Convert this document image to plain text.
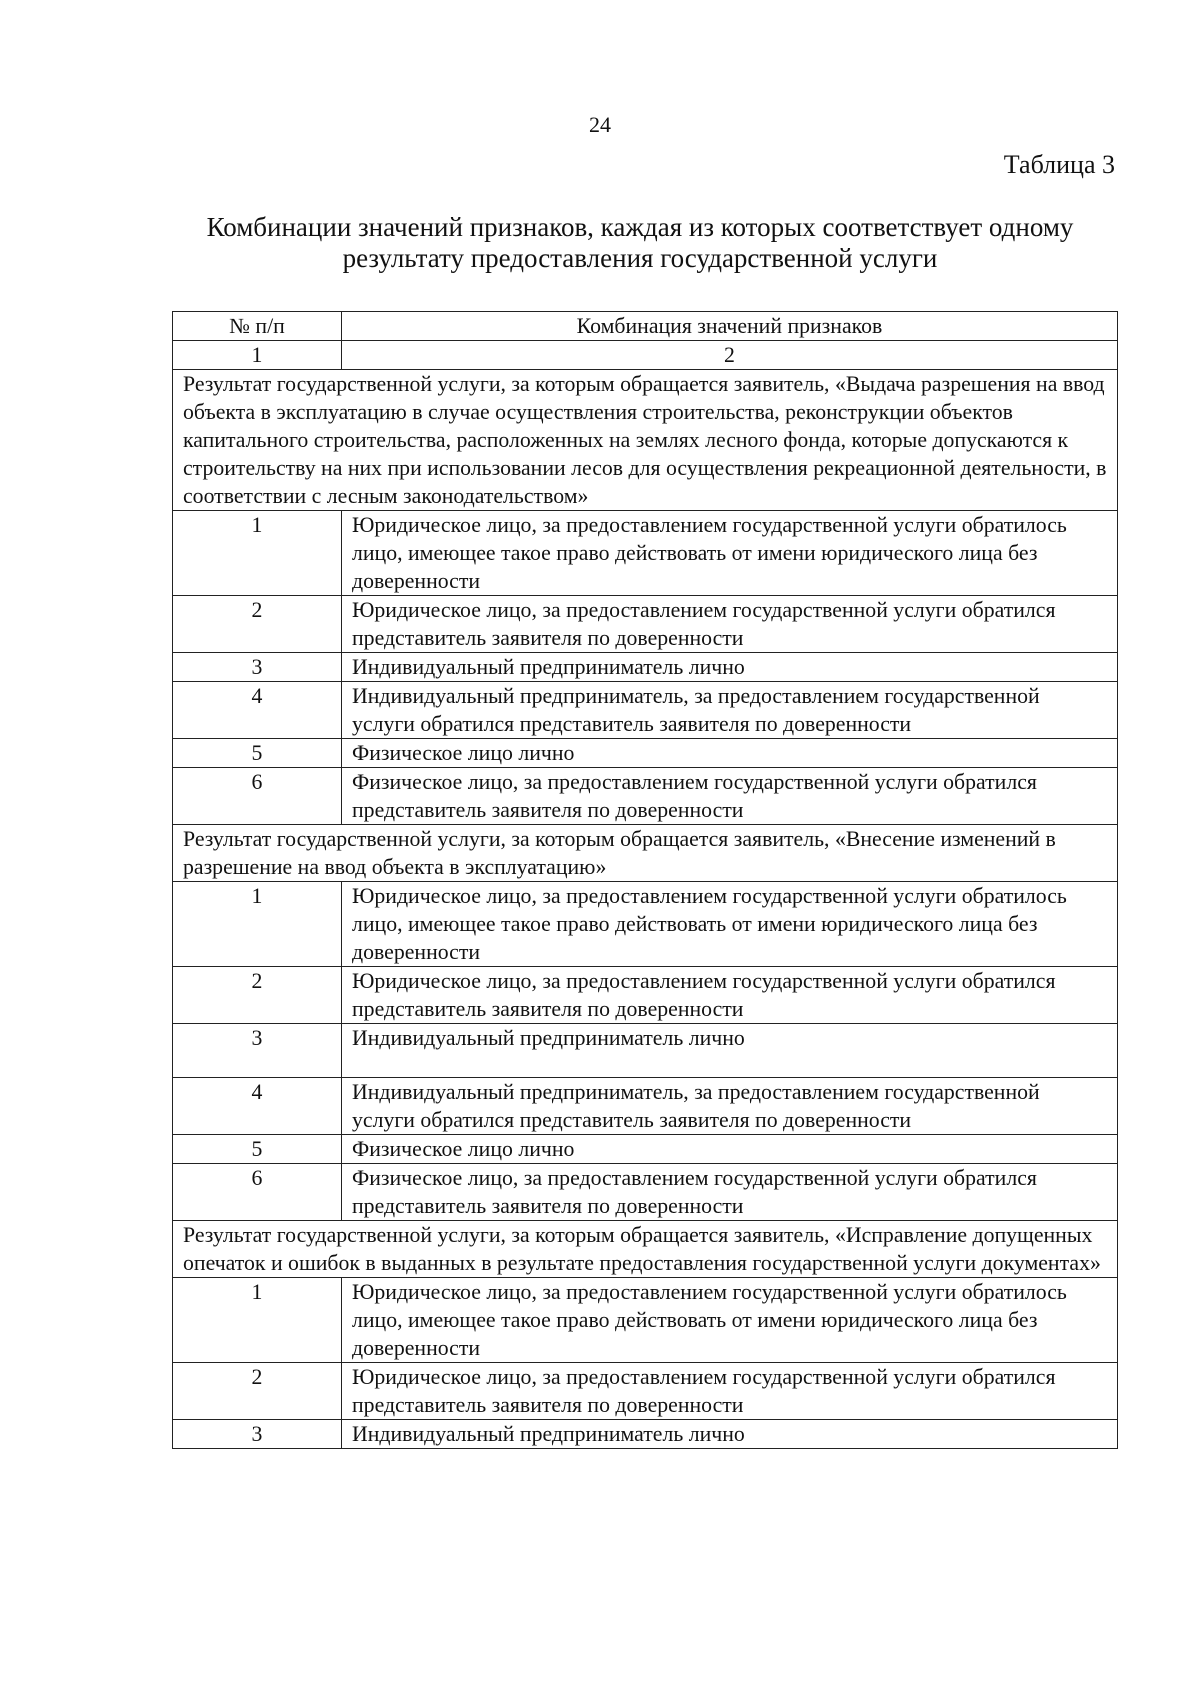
24
Таблица 3
Комбинации значений признаков, каждая из которых соответствует одному
результату предоставления государственной услуги
№ п/п	Комбинация значений признаков
1	2
Результат государственной услуги, за которым обращается заявитель, «Выдача разрешения на ввод объекта в эксплуатацию в случае осуществления строительства, реконструкции объектов капитального строительства, расположенных на землях лесного фонда, которые допускаются к строительству на них при использовании лесов для осуществления рекреационной деятельности, в соответствии с лесным законодательством»	
1	Юридическое лицо, за предоставлением государственной услуги обратилось лицо, имеющее такое право действовать от имени юридического лица без доверенности
2	Юридическое лицо, за предоставлением государственной услуги обратился представитель заявителя по доверенности
3	Индивидуальный предприниматель лично
4	Индивидуальный предприниматель, за предоставлением государственной услуги обратился представитель заявителя по доверенности
5	Физическое лицо лично
6	Физическое лицо, за предоставлением государственной услуги обратился представитель заявителя по доверенности
Результат государственной услуги, за которым обращается заявитель, «Внесение изменений в разрешение на ввод объекта в эксплуатацию»	
1	Юридическое лицо, за предоставлением государственной услуги обратилось лицо, имеющее такое право действовать от имени юридического лица без доверенности
2	Юридическое лицо, за предоставлением государственной услуги обратился представитель заявителя по доверенности
3	Индивидуальный предприниматель лично
4	Индивидуальный предприниматель, за предоставлением государственной услуги обратился представитель заявителя по доверенности
5	Физическое лицо лично
6	Физическое лицо, за предоставлением государственной услуги обратился представитель заявителя по доверенности
Результат государственной услуги, за которым обращается заявитель, «Исправление допущенных опечаток и ошибок в выданных в результате предоставления государственной услуги документах»	
1	Юридическое лицо, за предоставлением государственной услуги обратилось лицо, имеющее такое право действовать от имени юридического лица без доверенности
2	Юридическое лицо, за предоставлением государственной услуги обратился представитель заявителя по доверенности
3	Индивидуальный предприниматель лично
